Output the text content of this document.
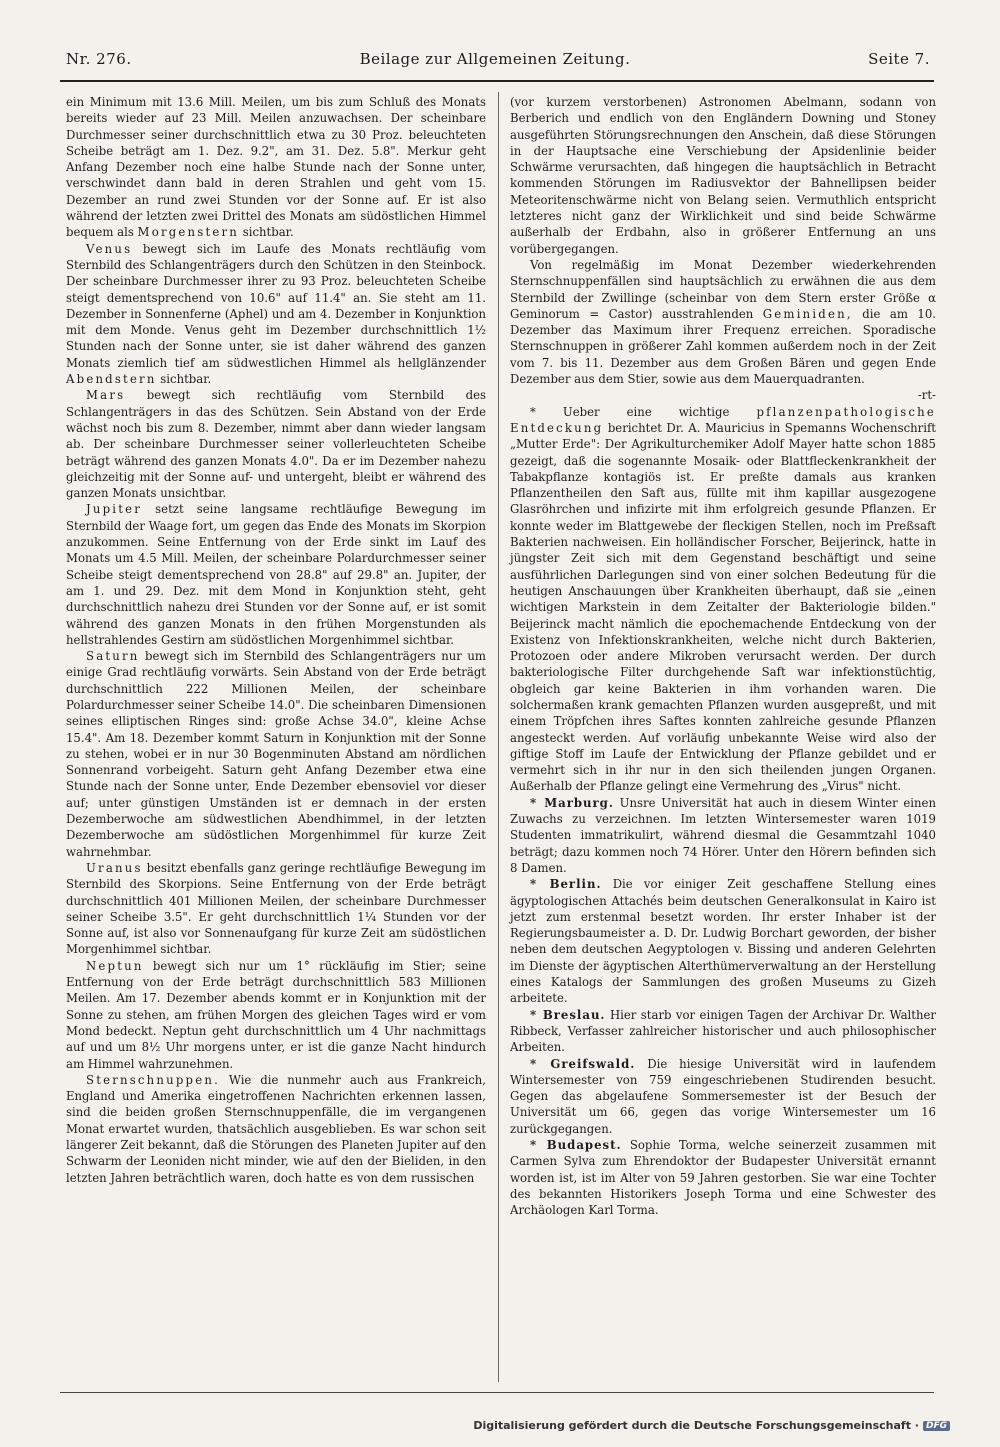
Nr. 276.	Beilage zur Allgemeinen Zeitung.	Seite 7.

ein Minimum mit 13.6 Mill. Meilen, um bis zum Schluß des Monats bereits wieder auf 23 Mill. Meilen anzuwachsen. Der scheinbare Durchmesser seiner durchschnittlich etwa zu 30 Proz. beleuchteten Scheibe beträgt am 1. Dez. 9.2", am 31. Dez. 5.8". Merkur geht Anfang Dezember noch eine halbe Stunde nach der Sonne unter, verschwindet dann bald in deren Strahlen und geht vom 15. Dezember an rund zwei Stunden vor der Sonne auf. Er ist also während der letzten zwei Drittel des Monats am südöstlichen Himmel bequem als Morgenstern sichtbar.

Venus bewegt sich im Laufe des Monats rechtläufig vom Sternbild des Schlangenträgers durch den Schützen in den Steinbock. Der scheinbare Durchmesser ihrer zu 93 Proz. beleuchteten Scheibe steigt dementsprechend von 10.6" auf 11.4" an. Sie steht am 11. Dezember in Sonnenferne (Aphel) und am 4. Dezember in Konjunktion mit dem Monde. Venus geht im Dezember durchschnittlich 1½ Stunden nach der Sonne unter, sie ist daher während des ganzen Monats ziemlich tief am südwestlichen Himmel als hellglänzender Abendstern sichtbar.

Mars bewegt sich rechtläufig vom Sternbild des Schlangenträgers in das des Schützen. Sein Abstand von der Erde wächst noch bis zum 8. Dezember, nimmt aber dann wieder langsam ab. Der scheinbare Durchmesser seiner vollerleuchteten Scheibe beträgt während des ganzen Monats 4.0". Da er im Dezember nahezu gleichzeitig mit der Sonne auf- und untergeht, bleibt er während des ganzen Monats unsichtbar.

Jupiter setzt seine langsame rechtläufige Bewegung im Sternbild der Waage fort, um gegen das Ende des Monats im Skorpion anzukommen. Seine Entfernung von der Erde sinkt im Lauf des Monats um 4.5 Mill. Meilen, der scheinbare Polardurchmesser seiner Scheibe steigt dementsprechend von 28.8" auf 29.8" an. Jupiter, der am 1. und 29. Dez. mit dem Mond in Konjunktion steht, geht durchschnittlich nahezu drei Stunden vor der Sonne auf, er ist somit während des ganzen Monats in den frühen Morgenstunden als hellstrahlendes Gestirn am südöstlichen Morgenhimmel sichtbar.

Saturn bewegt sich im Sternbild des Schlangenträgers nur um einige Grad rechtläufig vorwärts. Sein Abstand von der Erde beträgt durchschnittlich 222 Millionen Meilen, der scheinbare Polardurchmesser seiner Scheibe 14.0". Die scheinbaren Dimensionen seines elliptischen Ringes sind: große Achse 34.0", kleine Achse 15.4". Am 18. Dezember kommt Saturn in Konjunktion mit der Sonne zu stehen, wobei er in nur 30 Bogenminuten Abstand am nördlichen Sonnenrand vorbeigeht. Saturn geht Anfang Dezember etwa eine Stunde nach der Sonne unter, Ende Dezember ebensoviel vor dieser auf; unter günstigen Umständen ist er demnach in der ersten Dezemberwoche am südwestlichen Abendhimmel, in der letzten Dezemberwoche am südöstlichen Morgenhimmel für kurze Zeit wahrnehmbar.

Uranus besitzt ebenfalls ganz geringe rechtläufige Bewegung im Sternbild des Skorpions. Seine Entfernung von der Erde beträgt durchschnittlich 401 Millionen Meilen, der scheinbare Durchmesser seiner Scheibe 3.5". Er geht durchschnittlich 1¼ Stunden vor der Sonne auf, ist also vor Sonnenaufgang für kurze Zeit am südöstlichen Morgenhimmel sichtbar.

Neptun bewegt sich nur um 1° rückläufig im Stier; seine Entfernung von der Erde beträgt durchschnittlich 583 Millionen Meilen. Am 17. Dezember abends kommt er in Konjunktion mit der Sonne zu stehen, am frühen Morgen des gleichen Tages wird er vom Mond bedeckt. Neptun geht durchschnittlich um 4 Uhr nachmittags auf und um 8½ Uhr morgens unter, er ist die ganze Nacht hindurch am Himmel wahrzunehmen.

Sternschnuppen. Wie die nunmehr auch aus Frankreich, England und Amerika eingetroffenen Nachrichten erkennen lassen, sind die beiden großen Sternschnuppenfälle, die im vergangenen Monat erwartet wurden, thatsächlich ausgeblieben. Es war schon seit längerer Zeit bekannt, daß die Störungen des Planeten Jupiter auf den Schwarm der Leoniden nicht minder, wie auf den der Bieliden, in den letzten Jahren beträchtlich waren, doch hatte es von dem russischen

(vor kurzem verstorbenen) Astronomen Abelmann, sodann von Berberich und endlich von den Engländern Downing und Stoney ausgeführten Störungsrechnungen den Anschein, daß diese Störungen in der Hauptsache eine Verschiebung der Apsidenlinie beider Schwärme verursachten, daß hingegen die hauptsächlich in Betracht kommenden Störungen im Radiusvektor der Bahnellipsen beider Meteoritenschwärme nicht von Belang seien. Vermuthlich entspricht letzteres nicht ganz der Wirklichkeit und sind beide Schwärme außerhalb der Erdbahn, also in größerer Entfernung an uns vorübergegangen.

Von regelmäßig im Monat Dezember wiederkehrenden Sternschnuppenfällen sind hauptsächlich zu erwähnen die aus dem Sternbild der Zwillinge (scheinbar von dem Stern erster Größe α Geminorum = Castor) ausstrahlenden Geminiden, die am 10. Dezember das Maximum ihrer Frequenz erreichen. Sporadische Sternschnuppen in größerer Zahl kommen außerdem noch in der Zeit vom 7. bis 11. Dezember aus dem Großen Bären und gegen Ende Dezember aus dem Stier, sowie aus dem Mauerquadranten.

-rt-

* Ueber eine wichtige pflanzenpathologische Entdeckung berichtet Dr. A. Mauricius in Spemanns Wochenschrift „Mutter Erde": Der Agrikulturchemiker Adolf Mayer hatte schon 1885 gezeigt, daß die sogenannte Mosaik- oder Blattfleckenkrankheit der Tabakpflanze kontagiös ist. Er preßte damals aus kranken Pflanzentheilen den Saft aus, füllte mit ihm kapillar ausgezogene Glasröhrchen und infizirte mit ihm erfolgreich gesunde Pflanzen. Er konnte weder im Blattgewebe der fleckigen Stellen, noch im Preßsaft Bakterien nachweisen. Ein holländischer Forscher, Beijerinck, hatte in jüngster Zeit sich mit dem Gegenstand beschäftigt und seine ausführlichen Darlegungen sind von einer solchen Bedeutung für die heutigen Anschauungen über Krankheiten überhaupt, daß sie „einen wichtigen Markstein in dem Zeitalter der Bakteriologie bilden." Beijerinck macht nämlich die epochemachende Entdeckung von der Existenz von Infektionskrankheiten, welche nicht durch Bakterien, Protozoen oder andere Mikroben verursacht werden. Der durch bakteriologische Filter durchgehende Saft war infektionstüchtig, obgleich gar keine Bakterien in ihm vorhanden waren. Die solchermaßen krank gemachten Pflanzen wurden ausgepreßt, und mit einem Tröpfchen ihres Saftes konnten zahlreiche gesunde Pflanzen angesteckt werden. Auf vorläufig unbekannte Weise wird also der giftige Stoff im Laufe der Entwicklung der Pflanze gebildet und er vermehrt sich in ihr nur in den sich theilenden jungen Organen. Außerhalb der Pflanze gelingt eine Vermehrung des „Virus" nicht.

* Marburg. Unsre Universität hat auch in diesem Winter einen Zuwachs zu verzeichnen. Im letzten Wintersemester waren 1019 Studenten immatrikulirt, während diesmal die Gesammtzahl 1040 beträgt; dazu kommen noch 74 Hörer. Unter den Hörern befinden sich 8 Damen.

* Berlin. Die vor einiger Zeit geschaffene Stellung eines ägyptologischen Attachés beim deutschen Generalkonsulat in Kairo ist jetzt zum erstenmal besetzt worden. Ihr erster Inhaber ist der Regierungsbaumeister a. D. Dr. Ludwig Borchart geworden, der bisher neben dem deutschen Aegyptologen v. Bissing und anderen Gelehrten im Dienste der ägyptischen Alterthümerverwaltung an der Herstellung eines Katalogs der Sammlungen des großen Museums zu Gizeh arbeitete.

* Breslau. Hier starb vor einigen Tagen der Archivar Dr. Walther Ribbeck, Verfasser zahlreicher historischer und auch philosophischer Arbeiten.

* Greifswald. Die hiesige Universität wird in laufendem Wintersemester von 759 eingeschriebenen Studirenden besucht. Gegen das abgelaufene Sommersemester ist der Besuch der Universität um 66, gegen das vorige Wintersemester um 16 zurückgegangen.

* Budapest. Sophie Torma, welche seinerzeit zusammen mit Carmen Sylva zum Ehrendoktor der Budapester Universität ernannt worden ist, ist im Alter von 59 Jahren gestorben. Sie war eine Tochter des bekannten Historikers Joseph Torma und eine Schwester des Archäologen Karl Torma.

Digitalisierung gefördert durch die Deutsche Forschungsgemeinschaft · DFG
